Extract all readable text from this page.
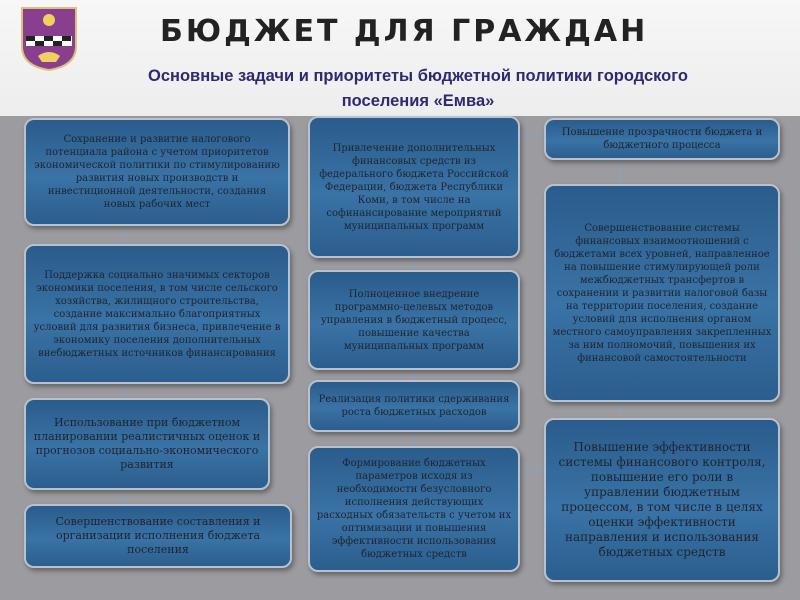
БЮДЖЕТ ДЛЯ ГРАЖДАН
Основные задачи и приоритеты бюджетной политики городского
поселения «Емва»
Сохранение и развитие налогового потенциала района с учетом приоритетов экономической политики по стимулированию развития новых производств и инвестиционной деятельности, создания новых рабочих мест
Поддержка социально значимых секторов экономики поселения, в том числе сельского хозяйства, жилищного строительства, создание максимально благоприятных условий для развития бизнеса, привлечение в экономику поселения дополнительных внебюджетных источников финансирования
Использование при бюджетном планировании реалистичных оценок и прогнозов социально-экономического развития
Совершенствование составления и организации исполнения бюджета поселения
Привлечение дополнительных финансовых средств из федерального бюджета Российской Федерации, бюджета Республики Коми, в том числе на софинансирование мероприятий муниципальных программ
Полноценное внедрение программно-целевых методов управления в бюджетный процесс, повышение качества муниципальных программ
Реализация политики сдерживания роста бюджетных расходов
Формирование бюджетных параметров исходя из необходимости безусловного исполнения действующих расходных обязательств с учетом их оптимизации и повышения эффективности использования бюджетных средств
Повышение прозрачности бюджета и бюджетного процесса
Совершенствование системы финансовых взаимоотношений с бюджетами всех уровней, направленное на повышение стимулирующей роли межбюджетных трансфертов в сохранении и развитии налоговой базы на территории поселения, создание условий для исполнения органом местного самоуправления закрепленных за ним полномочий, повышения их финансовой самостоятельности
Повышение эффективности системы финансового контроля, повышение его роли в управлении бюджетным процессом, в том числе в целях оценки эффективности направления и использования бюджетных средств
